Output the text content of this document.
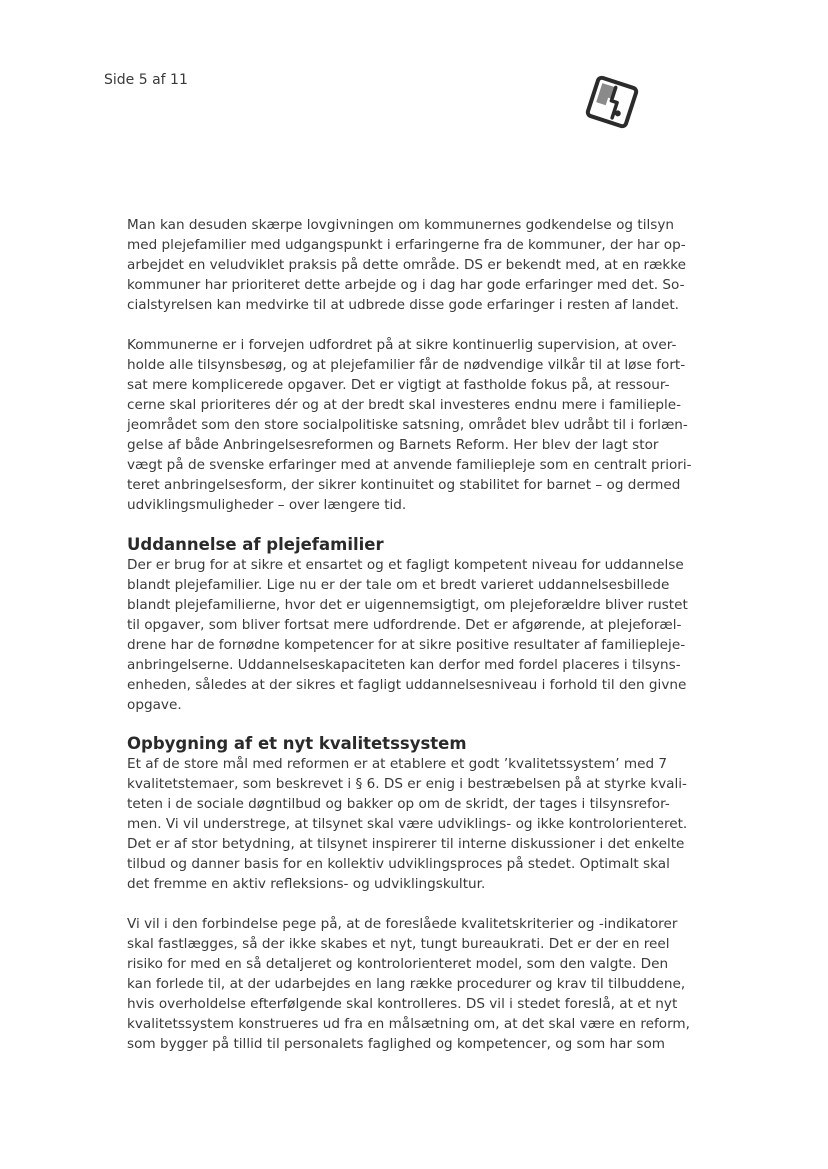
Side 5 af 11

Man kan desuden skærpe lovgivningen om kommunernes godkendelse og tilsyn
med plejefamilier med udgangspunkt i erfaringerne fra de kommuner, der har op-
arbejdet en veludviklet praksis på dette område. DS er bekendt med, at en række
kommuner har prioriteret dette arbejde og i dag har gode erfaringer med det. So-
cialstyrelsen kan medvirke til at udbrede disse gode erfaringer i resten af landet.

Kommunerne er i forvejen udfordret på at sikre kontinuerlig supervision, at over-
holde alle tilsynsbesøg, og at plejefamilier får de nødvendige vilkår til at løse fort-
sat mere komplicerede opgaver. Det er vigtigt at fastholde fokus på, at ressour-
cerne skal prioriteres dér og at der bredt skal investeres endnu mere i familieple-
jeområdet som den store socialpolitiske satsning, området blev udråbt til i forlæn-
gelse af både Anbringelsesreformen og Barnets Reform. Her blev der lagt stor
vægt på de svenske erfaringer med at anvende familiepleje som en centralt priori-
teret anbringelsesform, der sikrer kontinuitet og stabilitet for barnet – og dermed
udviklingsmuligheder – over længere tid.

Uddannelse af plejefamilier

Der er brug for at sikre et ensartet og et fagligt kompetent niveau for uddannelse
blandt plejefamilier. Lige nu er der tale om et bredt varieret uddannelsesbillede
blandt plejefamilierne, hvor det er uigennemsigtigt, om plejeforældre bliver rustet
til opgaver, som bliver fortsat mere udfordrende. Det er afgørende, at plejeforæl-
drene har de fornødne kompetencer for at sikre positive resultater af familiepleje-
anbringelserne. Uddannelseskapaciteten kan derfor med fordel placeres i tilsyns-
enheden, således at der sikres et fagligt uddannelsesniveau i forhold til den givne
opgave.

Opbygning af et nyt kvalitetssystem

Et af de store mål med reformen er at etablere et godt ’kvalitetssystem’ med 7
kvalitetstemaer, som beskrevet i § 6. DS er enig i bestræbelsen på at styrke kvali-
teten i de sociale døgntilbud og bakker op om de skridt, der tages i tilsynsrefor-
men. Vi vil understrege, at tilsynet skal være udviklings- og ikke kontrolorienteret.
Det er af stor betydning, at tilsynet inspirerer til interne diskussioner i det enkelte
tilbud og danner basis for en kollektiv udviklingsproces på stedet. Optimalt skal
det fremme en aktiv refleksions- og udviklingskultur.

Vi vil i den forbindelse pege på, at de foreslåede kvalitetskriterier og -indikatorer
skal fastlægges, så der ikke skabes et nyt, tungt bureaukrati. Det er der en reel
risiko for med en så detaljeret og kontrolorienteret model, som den valgte. Den
kan forlede til, at der udarbejdes en lang række procedurer og krav til tilbuddene,
hvis overholdelse efterfølgende skal kontrolleres. DS vil i stedet foreslå, at et nyt
kvalitetssystem konstrueres ud fra en målsætning om, at det skal være en reform,
som bygger på tillid til personalets faglighed og kompetencer, og som har som
